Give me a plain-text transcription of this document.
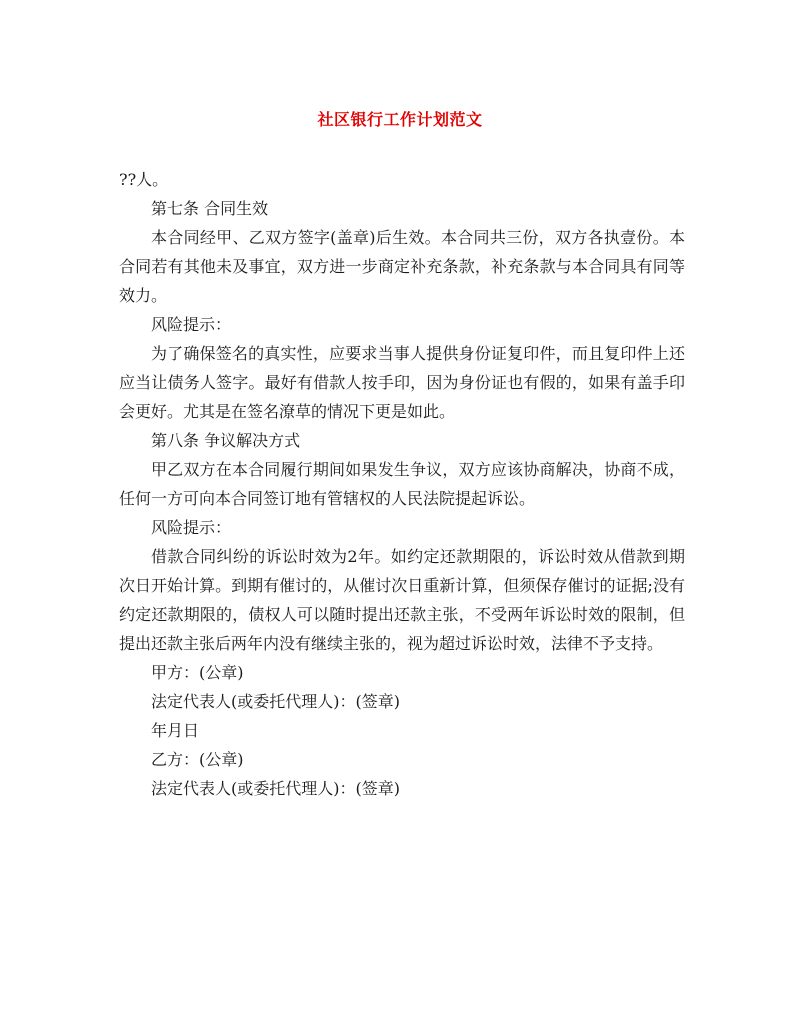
社区银行工作计划范文

??人。

第七条 合同生效

本合同经甲、乙双方签字(盖章)后生效。本合同共三份，双方各执壹份。本合同若有其他未及事宜，双方进一步商定补充条款，补充条款与本合同具有同等效力。

风险提示：

为了确保签名的真实性，应要求当事人提供身份证复印件，而且复印件上还应当让债务人签字。最好有借款人按手印，因为身份证也有假的，如果有盖手印会更好。尤其是在签名潦草的情况下更是如此。

第八条 争议解决方式

甲乙双方在本合同履行期间如果发生争议，双方应该协商解决，协商不成，任何一方可向本合同签订地有管辖权的人民法院提起诉讼。

风险提示：

借款合同纠纷的诉讼时效为2年。如约定还款期限的，诉讼时效从借款到期次日开始计算。到期有催讨的，从催讨次日重新计算，但须保存催讨的证据;没有约定还款期限的，债权人可以随时提出还款主张，不受两年诉讼时效的限制，但提出还款主张后两年内没有继续主张的，视为超过诉讼时效，法律不予支持。

甲方：(公章)

法定代表人(或委托代理人)：(签章)

年月日

乙方：(公章)

法定代表人(或委托代理人)：(签章)
